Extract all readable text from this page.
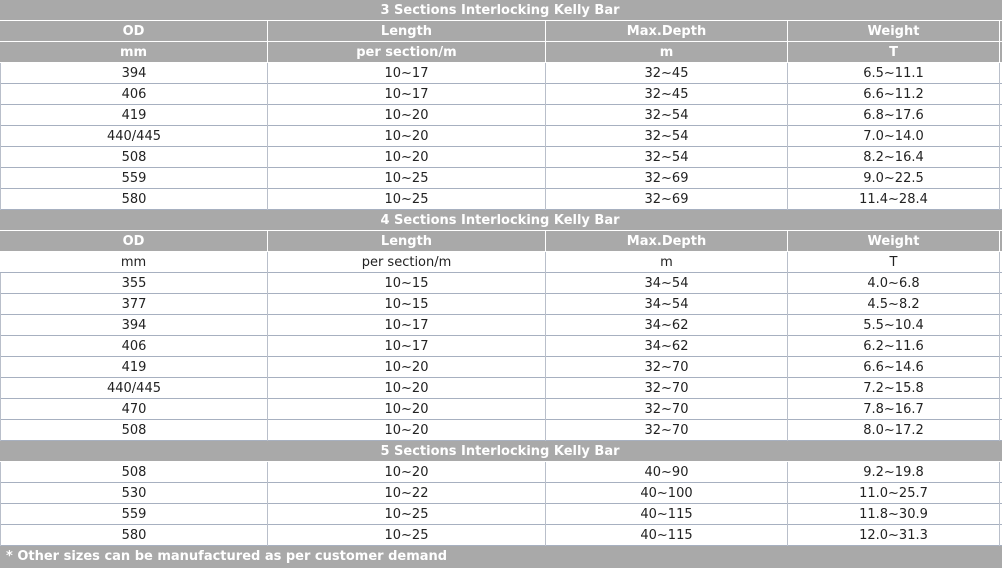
3 Sections Interlocking Kelly Bar
OD	Length	Max.Depth	Weight
mm	per section/m	m	T
394	10~17	32~45	6.5~11.1
406	10~17	32~45	6.6~11.2
419	10~20	32~54	6.8~17.6
440/445	10~20	32~54	7.0~14.0
508	10~20	32~54	8.2~16.4
559	10~25	32~69	9.0~22.5
580	10~25	32~69	11.4~28.4
4 Sections Interlocking Kelly Bar
OD	Length	Max.Depth	Weight
mm	per section/m	m	T
355	10~15	34~54	4.0~6.8
377	10~15	34~54	4.5~8.2
394	10~17	34~62	5.5~10.4
406	10~17	34~62	6.2~11.6
419	10~20	32~70	6.6~14.6
440/445	10~20	32~70	7.2~15.8
470	10~20	32~70	7.8~16.7
508	10~20	32~70	8.0~17.2
5 Sections Interlocking Kelly Bar
508	10~20	40~90	9.2~19.8
530	10~22	40~100	11.0~25.7
559	10~25	40~115	11.8~30.9
580	10~25	40~115	12.0~31.3
* Other sizes can be manufactured as per customer demand
